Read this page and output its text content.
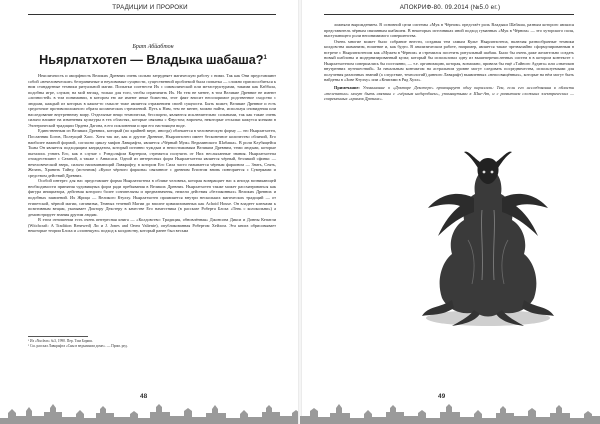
ТРАДИЦИИ И ПРОРОКИ
Брат Абйабтон
Ньярлатхотеп — Владыка шабаша?$^1$

Неясличность и аморфность Великих Древних очень сильно затрудняет магическую работу с ними. Так как Они представляют собой «нечеловеческие» безграничные и неуловимые сущности, существенной проблемой была попытка — сложно приспособиться к ним стандартные техники ритуальной магии. Попытки соотнести Их с символической или метаструктурами, такими как Каббала, подобны игре, служат, на мой взгляд, только для того, чтобы ограничить Их. Но тем не менее, в том Великие Древние не имеют «личностей» в том понимании, в котором ею же имеют иные божества, этот факт вносит неоспоримое родственное сходство с людьми, каждый из которых в каком-то смысле тоже является отражением своей сущности. Быть может, Великие Древние и есть средоточие противоположного образа космических стремлений. Путь к Ним, тем не менее, можно найти, используя сновидения или наследование внутреннему миру. Отдельные вещи технически, бесспорно, являются исключительно сольными, так как такие очень сильно влияют на изменения культуры в тех областях, которые связаны с Фаустом; впрочем, некоторые отсылки кажутся ясными в Эзотерической традиции Ордена Дагона, в его поклонении и при его настоящем виде.

Единственным из Великих Древних, который (по крайней мере, иногда) облекается в человеческую форму — это Ньярлатхотеп, Посланник Богов, Ползущий Хаос. Хотя так же, как и другие Древние, Ньярлатхотеп имеет бесконечное количество обличий, Его наиболее важной формой, согласно циклу мифов Лавкрафта, является «Чёрный Муж» Ведьминского Шабаша». В роли Клубящейся Тьмы Он является подходящим кандидатом, который истинно чуждым и непостижимым Великим Древним, теми людьми, которые пытались узнать Его, как в случае с Рэндольфом Картером, стремятся получить от Них неслыханные знания. Ньярлатхотепа отождествляют с Сатаной, а также с Анвасаси. Одной из интересных форм Ньярлатхотепа является чёрный, безликий сфинкс — нечеловеческий зверь, сильно напоминающий Лавкрафту, в котором Его Сила часто называется чёрным фараоном — Знать, Сеять, Желать, Хранить Тайну, (источник) «Культ чёрного фараона» связанное с древним Египтом вновь повторяется с Сумерками и средством действий Древних.

Особой интерес для нас представляет форма Ньярлатхотепа в облике человека, которая возвращает нас к иногда возникающей необходимости принятия чудовищных форм ради пребывания в Великих Древних. Ньярлатхотеп также может рассматриваться как фигура инициатора, действия которого более сознательны и предназначены, нежели действия «беззаконных» Великих Древних и подобных заявлений. Их Жрица — Великого Ктулху. Ньярлатхотеп проявляется внутри нескольких магических традиций — от египетской, чёрной магии, сатанизма, Темных течений Магии до вполне цивилизованных как Achoid House. Он владеет ключами к позитивным вещам, указывает Доктору Декстеру в качестве Его наместника (в рассказе Роберта Блоха «Тень с колокольни») а демонстрирует знания другим людям.

В этом отношении есть очень интересная книга — «Колдовство: Традиция, обновлённая» Джонсона Дикси и Донны Кепатли (Witchcraft: A Tradition Renewed) Ли и J. Jones and Онеи Valiente), опубликованная Робертом Хейлом. Эта книга обрисовывает некоторые теории Блоха и «зловещую» подход к колдовству, который ранее был весьма

¹ Из «Nuclear» №3, 1990. Пер. Тим Бориш.
² См. рассказ Лавкрафта «Сны в ведьмином доме». — Прим. ред.
48
АПОКРИФ-80. 09.2014 (№5.0 ег.)

ложняли вырождением. В основной цели системы «Мук в Чёрном» предстаёт роль Владыки Шабаша, разным которого являлся представитель чёрным связанным шабашем. В некоторых источниках иной подход гуманных «Мук в Чёрном» — это хуторского поля, выступающего роли непонимимого совершенства.

Очень многие может было собрание внести, создавая тем самым Культ Ньярлатхотепа, включая разнообразные техники колдовства шаманизм, ношение и, как будто. В анализическом работе, например, является также чрезвычайно сформулированным в встрече с Ньярлатхотепом как «Мужем в Чёрном» и стремился посетить ритуальный шабаш. Было бы очень даже желательно создать новый шаблоны и модернизированный культ, который бы использовал одну из вышеперечисленных систем в в котором контексте с Ньярлатхотепом совершались бы постоянно, — т.е. организацию, которая, возможно, привела бы ещё «Тайного Аудита» или «знатоков внутренних путешествий». За начальным контактом на астральном уровне могут следовать посредничества, используемыми для получения различных знаний (а следствие, технологий) данного Лавкрафт) выявленных «непосвящённых», которые на нём могут быть найдены в «Зове Ктулху» или «Книгами в Ряд Хулл».

Примечание: Упоминание о «Докторе Декстере» провоцирует одну параллель: Тем, если его исследования в области «телепатии» могут быть связаны с «чёрным надгробием», упомянутыми в Шне-Ат, и с развитием сложных электрических — современных «храмов Древних».

49
